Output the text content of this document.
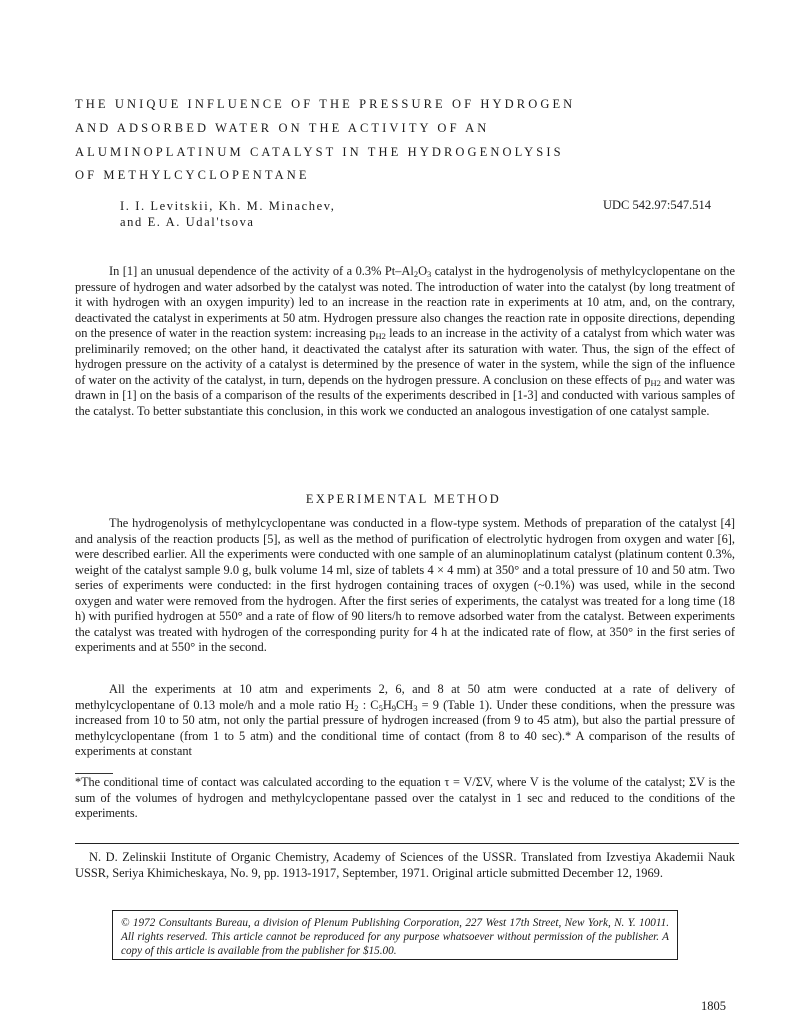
THE UNIQUE INFLUENCE OF THE PRESSURE OF HYDROGEN
AND ADSORBED WATER ON THE ACTIVITY OF AN
ALUMINOPLATINUM CATALYST IN THE HYDROGENOLYSIS
OF METHYLCYCLOPENTANE
I. I. Levitskii, Kh. M. Minachev,
and E. A. Udal'tsova
UDC 542.97:547.514

In [1] an unusual dependence of the activity of a 0.3% $Pt-Al_2O_3$ catalyst in the hydrogenolysis of methylcyclopentane on the pressure of hydrogen and water adsorbed by the catalyst was noted. The introduction of water into the catalyst (by long treatment of it with hydrogen with an oxygen impurity) led to an increase in the reaction rate in experiments at 10 atm, and, on the contrary, deactivated the catalyst in experiments at 50 atm. Hydrogen pressure also changes the reaction rate in opposite directions, depending on the presence of water in the reaction system: increasing $p_{H2}$ leads to an increase in the activity of a catalyst from which water was preliminarily removed; on the other hand, it deactivated the catalyst after its saturation with water. Thus, the sign of the effect of hydrogen pressure on the activity of a catalyst is determined by the presence of water in the system, while the sign of the influence of water on the activity of the catalyst, in turn, depends on the hydrogen pressure. A conclusion on these effects of $p_{H2}$ and water was drawn in [1] on the basis of a comparison of the results of the experiments described in [1-3] and conducted with various samples of the catalyst. To better substantiate this conclusion, in this work we conducted an analogous investigation of one catalyst sample.

EXPERIMENTAL METHOD

The hydrogenolysis of methylcyclopentane was conducted in a flow-type system. Methods of preparation of the catalyst [4] and analysis of the reaction products [5], as well as the method of purification of electrolytic hydrogen from oxygen and water [6], were described earlier. All the experiments were conducted with one sample of an aluminoplatinum catalyst (platinum content 0.3%, weight of the catalyst sample 9.0 g, bulk volume 14 ml, size of tablets 4 × 4 mm) at 350° and a total pressure of 10 and 50 atm. Two series of experiments were conducted: in the first hydrogen containing traces of oxygen (~0.1%) was used, while in the second oxygen and water were removed from the hydrogen. After the first series of experiments, the catalyst was treated for a long time (18 h) with purified hydrogen at 550° and a rate of flow of 90 liters/h to remove adsorbed water from the catalyst. Between experiments the catalyst was treated with hydrogen of the corresponding purity for 4 h at the indicated rate of flow, at 350° in the first series of experiments and at 550° in the second.

All the experiments at 10 atm and experiments 2, 6, and 8 at 50 atm were conducted at a rate of delivery of methylcyclopentane of 0.13 mole/h and a mole ratio $H_2$ : $C_5H_9CH_3 = 9$ (Table 1). Under these conditions, when the pressure was increased from 10 to 50 atm, not only the partial pressure of hydrogen increased (from 9 to 45 atm), but also the partial pressure of methylcyclopentane (from 1 to 5 atm) and the conditional time of contact (from 8 to 40 sec).* A comparison of the results of experiments at constant

*The conditional time of contact was calculated according to the equation τ = V/ΣV, where V is the volume of the catalyst; ΣV is the sum of the volumes of hydrogen and methylcyclopentane passed over the catalyst in 1 sec and reduced to the conditions of the experiments.

N. D. Zelinskii Institute of Organic Chemistry, Academy of Sciences of the USSR. Translated from Izvestiya Akademii Nauk USSR, Seriya Khimicheskaya, No. 9, pp. 1913-1917, September, 1971. Original article submitted December 12, 1969.

© 1972 Consultants Bureau, a division of Plenum Publishing Corporation, 227 West 17th Street, New York, N. Y. 10011. All rights reserved. This article cannot be reproduced for any purpose whatsoever without permission of the publisher. A copy of this article is available from the publisher for $15.00.

1805
